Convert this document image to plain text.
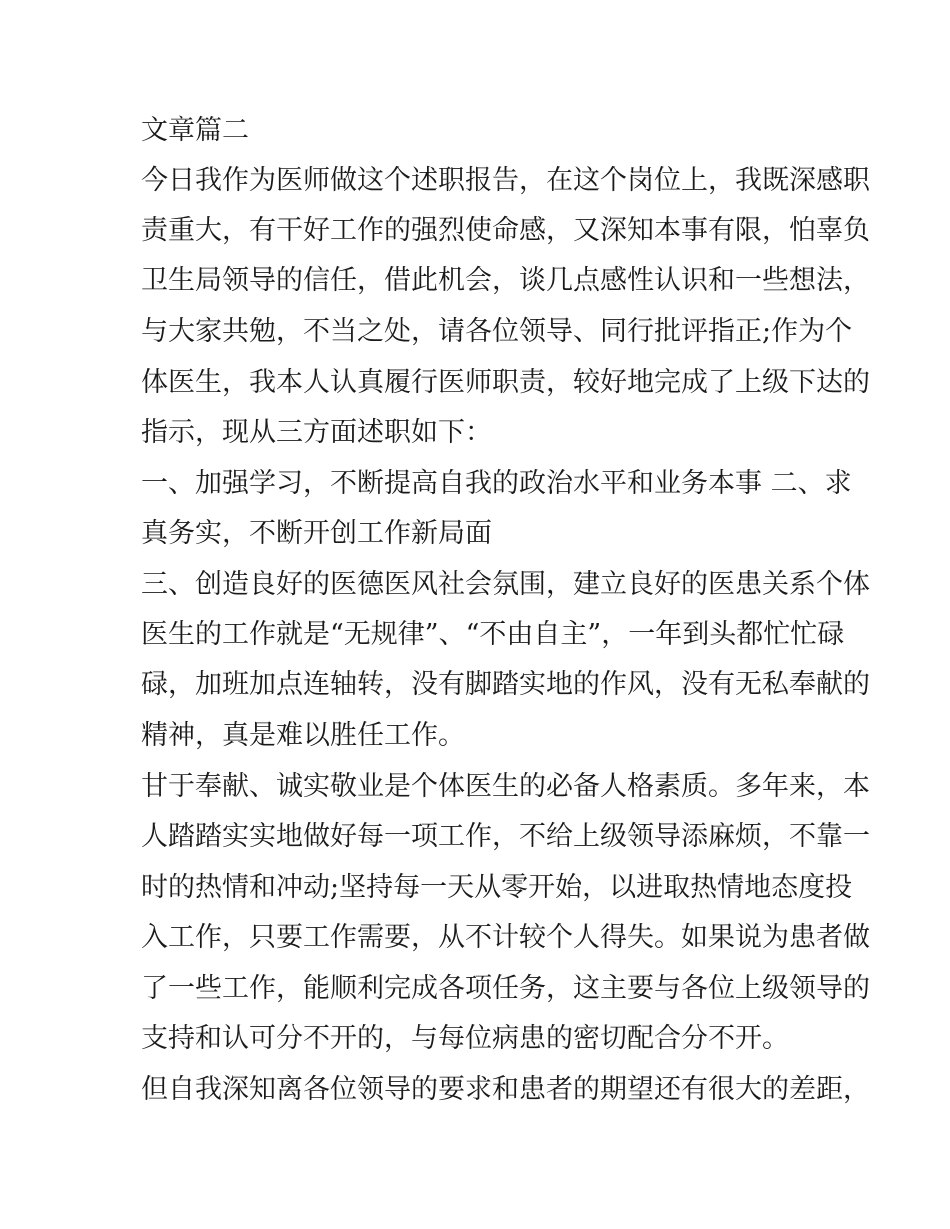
文章篇二

今日我作为医师做这个述职报告，在这个岗位上，我既深感职

责重大，有干好工作的强烈使命感，又深知本事有限，怕辜负

卫生局领导的信任，借此机会，谈几点感性认识和一些想法，

与大家共勉，不当之处，请各位领导、同行批评指正;作为个

体医生，我本人认真履行医师职责，较好地完成了上级下达的

指示，现从三方面述职如下：

一、加强学习，不断提高自我的政治水平和业务本事 二、求

真务实，不断开创工作新局面

三、创造良好的医德医风社会氛围，建立良好的医患关系个体

医生的工作就是“无规律”、“不由自主”，一年到头都忙忙碌

碌，加班加点连轴转，没有脚踏实地的作风，没有无私奉献的

精神，真是难以胜任工作。

甘于奉献、诚实敬业是个体医生的必备人格素质。多年来，本

人踏踏实实地做好每一项工作，不给上级领导添麻烦，不靠一

时的热情和冲动;坚持每一天从零开始，以进取热情地态度投

入工作，只要工作需要，从不计较个人得失。如果说为患者做

了一些工作，能顺利完成各项任务，这主要与各位上级领导的

支持和认可分不开的，与每位病患的密切配合分不开。

但自我深知离各位领导的要求和患者的期望还有很大的差距，
